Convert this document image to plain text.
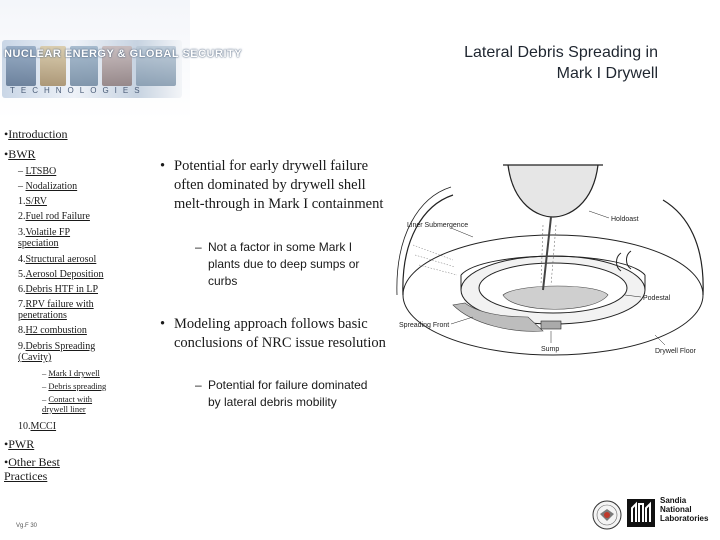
NUCLEAR ENERGY & GLOBAL SECURITY
TECHNOLOGIES
Lateral Debris Spreading in
Mark I Drywell
•Introduction
•BWR
– LTSBO
– Nodalization
1.S/RV
2.Fuel rod Failure
3.Volatile FP speciation
4.Structural aerosol
5.Aerosol Deposition
6.Debris HTF in LP
7.RPV failure with penetrations
8.H2 combustion
9.Debris Spreading (Cavity)
– Mark I drywell
– Debris spreading
– Contact with drywell liner
10.MCCI
•PWR
•Other Best Practices
• Potential for early drywell failure often dominated by drywell shell melt-through in Mark I containment
– Not a factor in some Mark I plants due to deep sumps or curbs
• Modeling approach follows basic conclusions of NRC issue resolution
– Potential for failure dominated by lateral debris mobility
Liner Submergence
Holdoast
Podestal
Spreading Front
Sump	Drywell Floor
Vg.F 30
Sandia
National
Laboratories
